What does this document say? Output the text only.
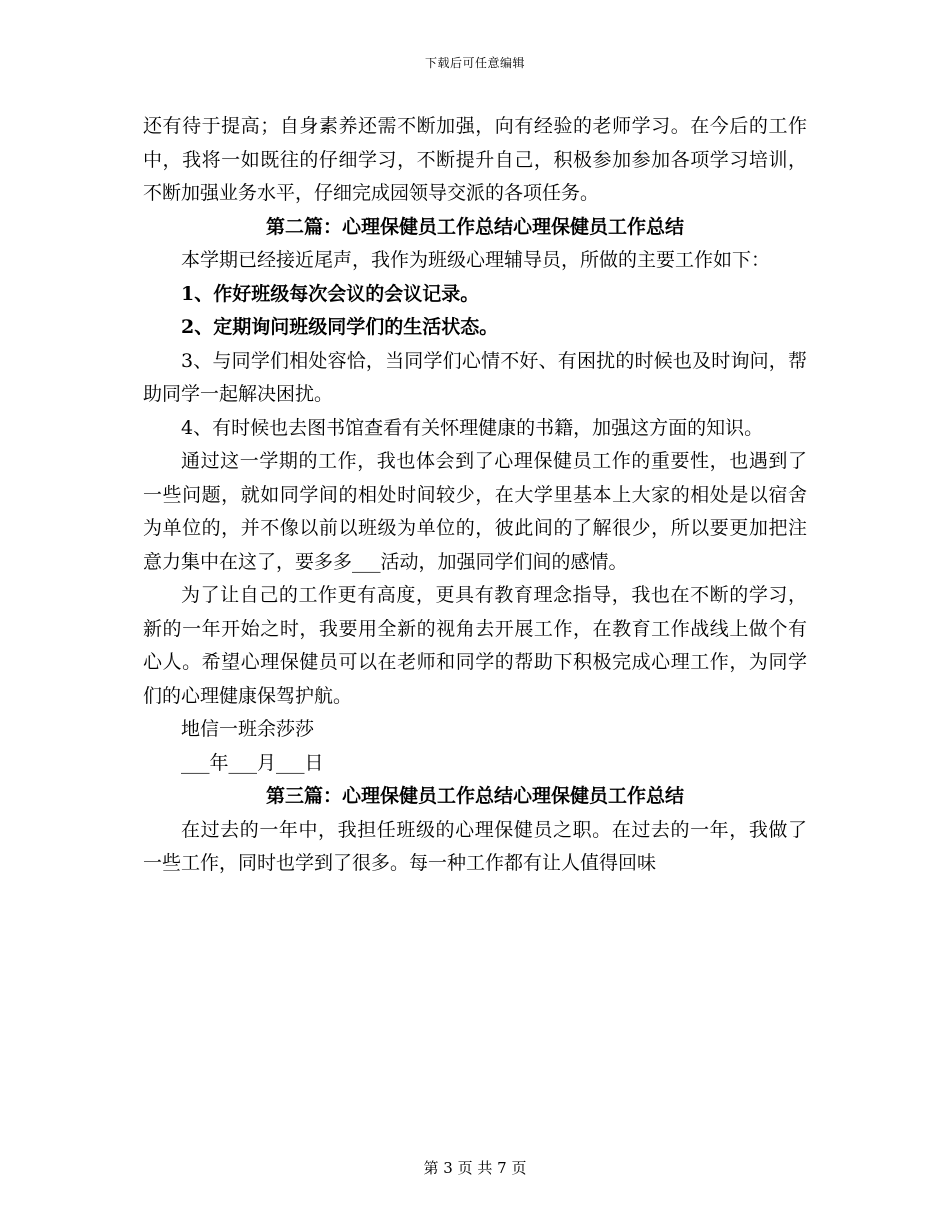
下载后可任意编辑

还有待于提高；自身素养还需不断加强，向有经验的老师学习。在今后的工作中，我将一如既往的仔细学习，不断提升自己，积极参加参加各项学习培训，不断加强业务水平，仔细完成园领导交派的各项任务。

第二篇：心理保健员工作总结心理保健员工作总结

本学期已经接近尾声，我作为班级心理辅导员，所做的主要工作如下：

1、作好班级每次会议的会议记录。

2、定期询问班级同学们的生活状态。

3、与同学们相处容恰，当同学们心情不好、有困扰的时候也及时询问，帮助同学一起解决困扰。

4、有时候也去图书馆查看有关怀理健康的书籍，加强这方面的知识。

通过这一学期的工作，我也体会到了心理保健员工作的重要性，也遇到了一些问题，就如同学间的相处时间较少，在大学里基本上大家的相处是以宿舍为单位的，并不像以前以班级为单位的，彼此间的了解很少，所以要更加把注意力集中在这了，要多多___活动，加强同学们间的感情。

为了让自己的工作更有高度，更具有教育理念指导，我也在不断的学习，新的一年开始之时，我要用全新的视角去开展工作，在教育工作战线上做个有心人。希望心理保健员可以在老师和同学的帮助下积极完成心理工作，为同学们的心理健康保驾护航。

地信一班余莎莎

___年___月___日

第三篇：心理保健员工作总结心理保健员工作总结

在过去的一年中，我担任班级的心理保健员之职。在过去的一年，我做了一些工作，同时也学到了很多。每一种工作都有让人值得回味

第 3 页 共 7 页
